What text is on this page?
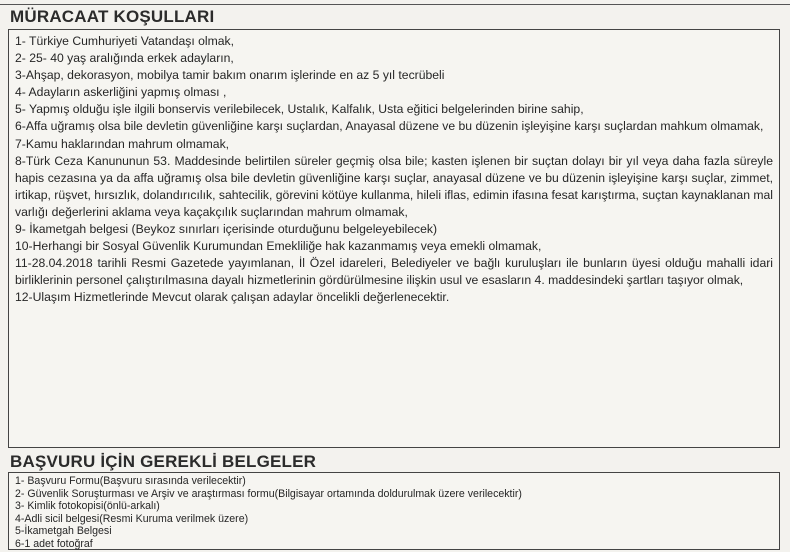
MÜRACAAT KOŞULLARI

1- Türkiye Cumhuriyeti Vatandaşı olmak,

2- 25- 40 yaş aralığında erkek adayların,

3-Ahşap, dekorasyon, mobilya tamir bakım onarım işlerinde en az 5 yıl tecrübeli

4- Adayların askerliğini yapmış olması ,

5- Yapmış olduğu işle ilgili bonservis verilebilecek, Ustalık, Kalfalık, Usta eğitici belgelerinden birine sahip,

6-Affa uğramış olsa bile devletin güvenliğine karşı suçlardan, Anayasal düzene ve bu düzenin işleyişine karşı suçlardan mahkum olmamak,

7-Kamu haklarından mahrum olmamak,

8-Türk Ceza Kanununun 53. Maddesinde belirtilen süreler geçmiş olsa bile; kasten işlenen bir suçtan dolayı bir yıl veya daha fazla süreyle hapis cezasına ya da affa uğramış olsa bile devletin güvenliğine karşı suçlar, anayasal düzene ve bu düzenin işleyişine karşı suçlar, zimmet, irtikap, rüşvet, hırsızlık, dolandırıcılık, sahtecilik, görevini kötüye kullanma, hileli iflas, edimin ifasına fesat karıştırma, suçtan kaynaklanan mal varlığı değerlerini aklama veya kaçakçılık suçlarından mahrum olmamak,

9- İkametgah belgesi (Beykoz sınırları içerisinde oturduğunu belgeleyebilecek)

10-Herhangi bir Sosyal Güvenlik Kurumundan Emekliliğe hak kazanmamış veya emekli olmamak,

11-28.04.2018 tarihli Resmi Gazetede yayımlanan, İl Özel idareleri, Belediyeler ve bağlı kuruluşları ile bunların üyesi olduğu mahalli idari birliklerinin personel çalıştırılmasına dayalı hizmetlerinin gördürülmesine ilişkin usul ve esasların 4. maddesindeki şartları taşıyor olmak,

12-Ulaşım Hizmetlerinde Mevcut olarak çalışan adaylar öncelikli değerlenecektir.

BAŞVURU İÇİN GEREKLİ BELGELER

1- Başvuru Formu(Başvuru sırasında verilecektir)

2- Güvenlik Soruşturması ve Arşiv ve araştırması formu(Bilgisayar ortamında doldurulmak üzere verilecektir)

3- Kimlik fotokopisi(önlü-arkalı)

4-Adli sicil belgesi(Resmi Kuruma verilmek üzere)

5-İkametgah Belgesi

6-1 adet fotoğraf
